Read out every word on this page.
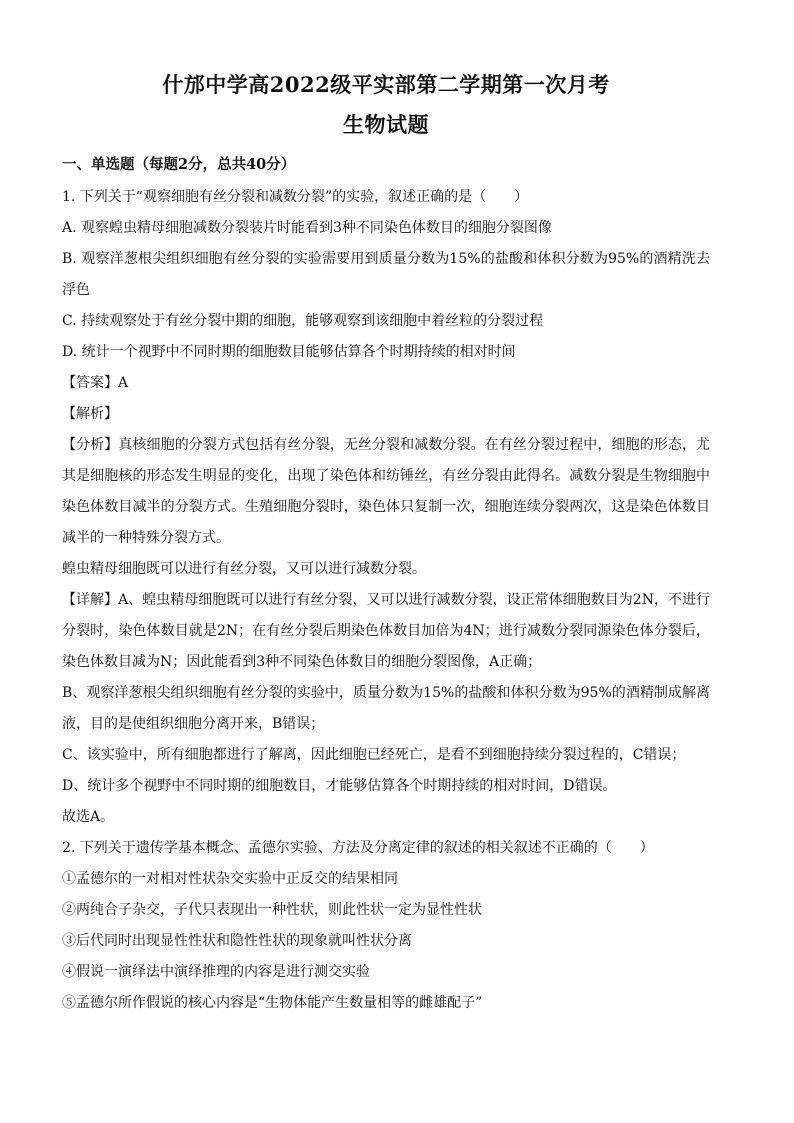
什邡中学高2022级平实部第二学期第一次月考
生物试题
一、单选题（每题2分，总共40分）

1. 下列关于“观察细胞有丝分裂和减数分裂”的实验，叙述正确的是（　　）

A. 观察蝗虫精母细胞减数分裂装片时能看到3种不同染色体数目的细胞分裂图像

B. 观察洋葱根尖组织细胞有丝分裂的实验需要用到质量分数为15%的盐酸和体积分数为95%的酒精洗去浮色

C. 持续观察处于有丝分裂中期的细胞，能够观察到该细胞中着丝粒的分裂过程

D. 统计一个视野中不同时期的细胞数目能够估算各个时期持续的相对时间

【答案】A

【解析】

【分析】真核细胞的分裂方式包括有丝分裂，无丝分裂和减数分裂。在有丝分裂过程中，细胞的形态，尤其是细胞核的形态发生明显的变化，出现了染色体和纺锤丝，有丝分裂由此得名。减数分裂是生物细胞中染色体数目减半的分裂方式。生殖细胞分裂时，染色体只复制一次，细胞连续分裂两次，这是染色体数目减半的一种特殊分裂方式。

蝗虫精母细胞既可以进行有丝分裂，又可以进行减数分裂。

【详解】A、蝗虫精母细胞既可以进行有丝分裂，又可以进行减数分裂，设正常体细胞数目为2N，不进行分裂时，染色体数目就是2N；在有丝分裂后期染色体数目加倍为4N；进行减数分裂同源染色体分裂后，染色体数目减为N；因此能看到3种不同染色体数目的细胞分裂图像，A正确；

B、观察洋葱根尖组织细胞有丝分裂的实验中，质量分数为15%的盐酸和体积分数为95%的酒精制成解离液，目的是使组织细胞分离开来，B错误；

C、该实验中，所有细胞都进行了解离，因此细胞已经死亡，是看不到细胞持续分裂过程的，C错误；

D、统计多个视野中不同时期的细胞数目，才能够估算各个时期持续的相对时间，D错误。

故选A。

2. 下列关于遗传学基本概念、孟德尔实验、方法及分离定律的叙述的相关叙述不正确的（　　）

①孟德尔的一对相对性状杂交实验中正反交的结果相同

②两纯合子杂交，子代只表现出一种性状，则此性状一定为显性性状

③后代同时出现显性性状和隐性性状的现象就叫性状分离

④假说一演绎法中演绎推理的内容是进行测交实验

⑤孟德尔所作假说的核心内容是“生物体能产生数量相等的雌雄配子”
